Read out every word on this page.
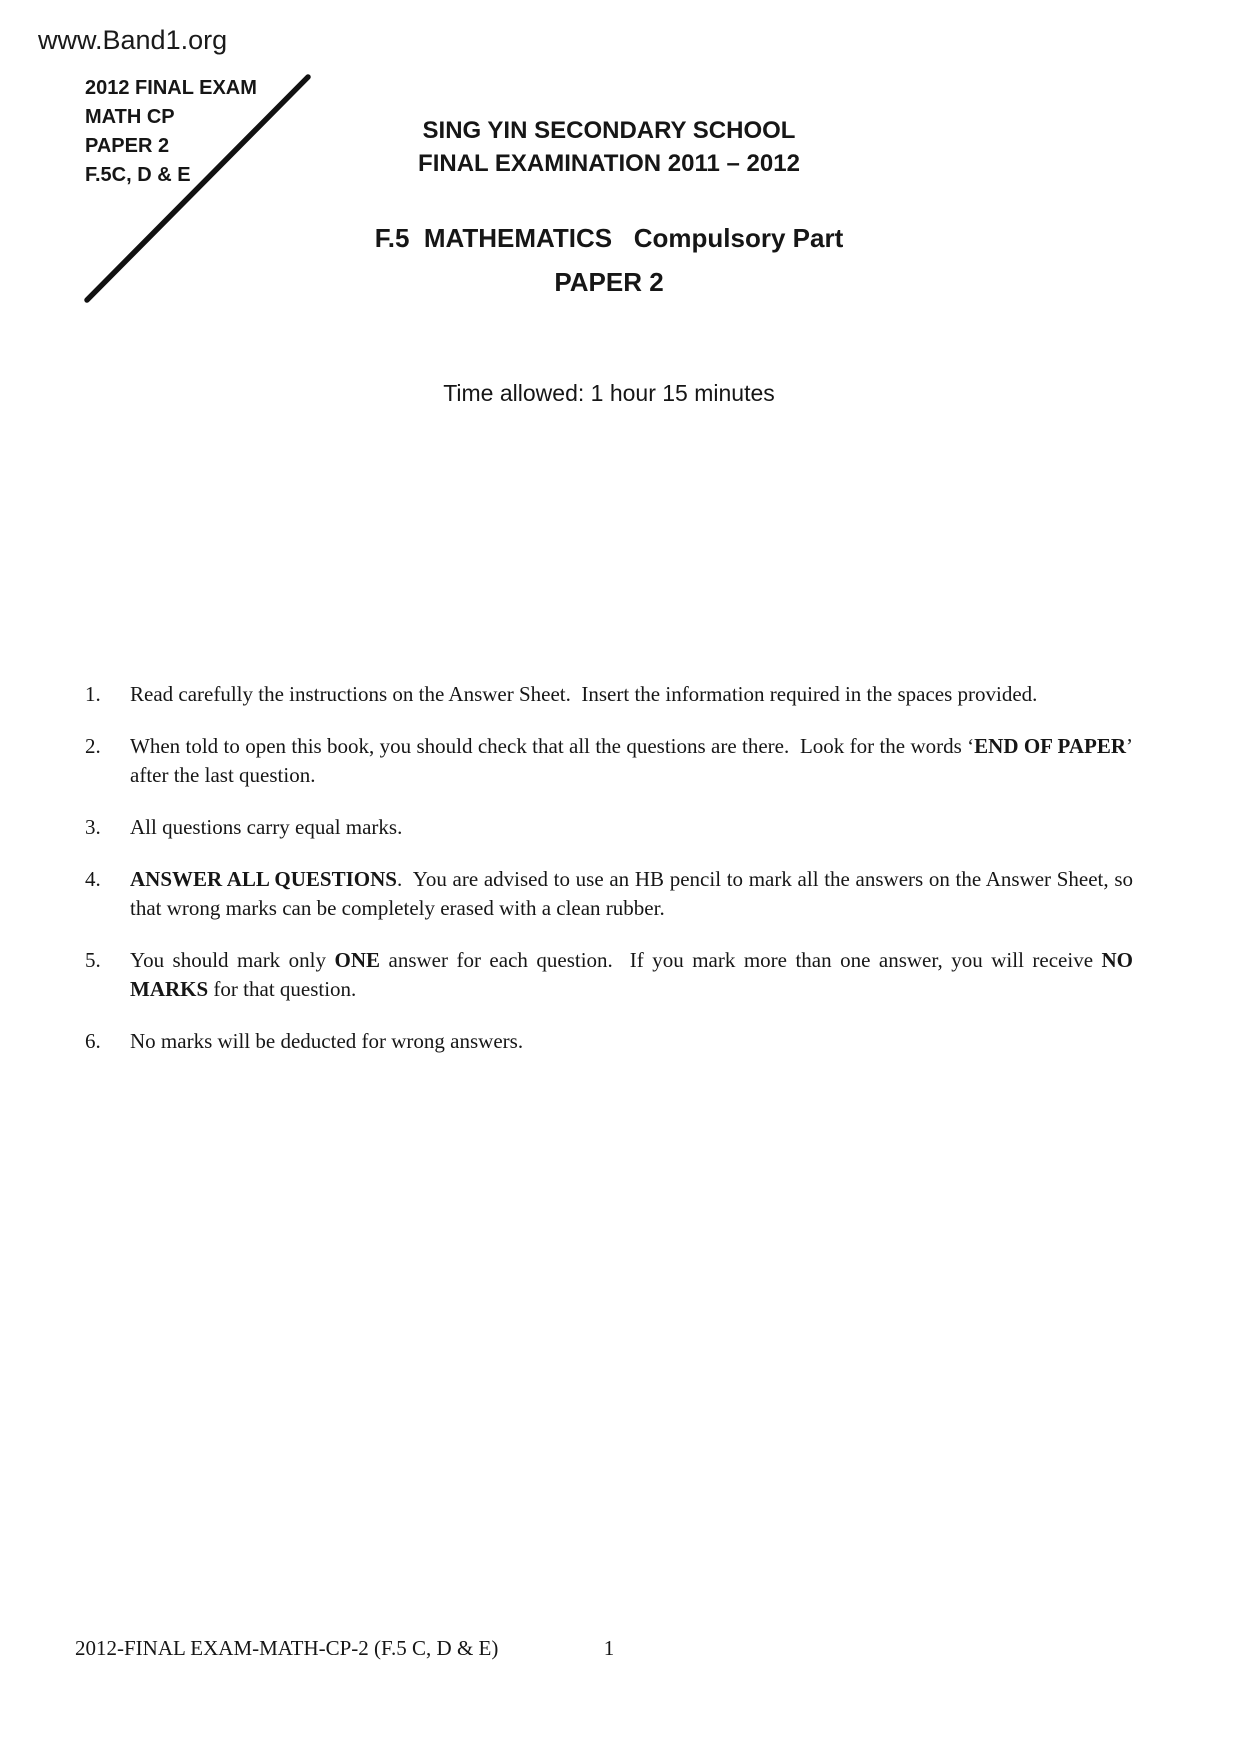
www.Band1.org
2012 FINAL EXAM
MATH CP
PAPER 2
F.5C, D & E
SING YIN SECONDARY SCHOOL
FINAL EXAMINATION 2011 – 2012
F.5  MATHEMATICS   Compulsory Part
PAPER 2
Time allowed: 1 hour 15 minutes
1.	Read carefully the instructions on the Answer Sheet.  Insert the information required in the spaces provided.
2.	When told to open this book, you should check that all the questions are there.  Look for the words ‘END OF PAPER’ after the last question.
3.	All questions carry equal marks.
4.	ANSWER ALL QUESTIONS.  You are advised to use an HB pencil to mark all the answers on the Answer Sheet, so that wrong marks can be completely erased with a clean rubber.
5.	You should mark only ONE answer for each question.  If you mark more than one answer, you will receive NO MARKS for that question.
6.	No marks will be deducted for wrong answers.
2012-FINAL EXAM-MATH-CP-2 (F.5 C, D & E)	1
